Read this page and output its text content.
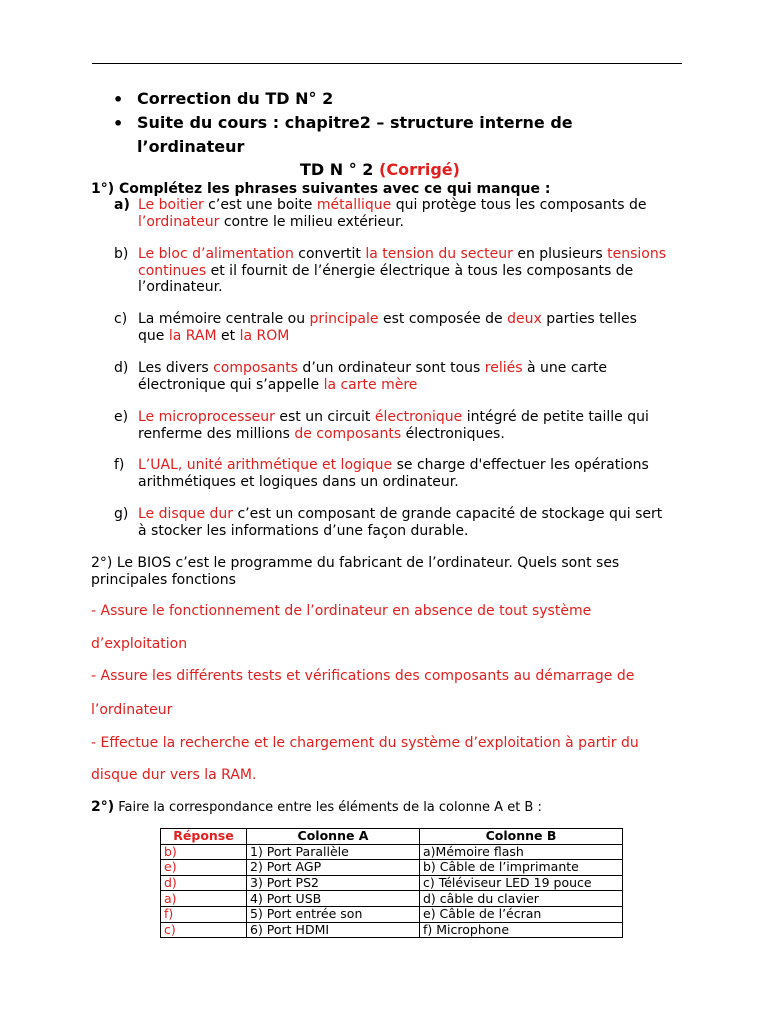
• Correction du TD N° 2
• Suite du cours : chapitre2 – structure interne de
l’ordinateur
TD N ° 2 (Corrigé)
1°) Complétez les phrases suivantes avec ce qui manque :
a) Le boitier c’est une boite métallique qui protège tous les composants de
l’ordinateur contre le milieu extérieur.
b) Le bloc d’alimentation convertit la tension du secteur en plusieurs tensions
continues et il fournit de l’énergie électrique à tous les composants de
l’ordinateur.
c) La mémoire centrale ou principale est composée de deux parties telles
que la RAM et la ROM
d) Les divers composants d’un ordinateur sont tous reliés à une carte
électronique qui s’appelle la carte mère
e) Le microprocesseur est un circuit électronique intégré de petite taille qui
renferme des millions de composants électroniques.
f) L’UAL, unité arithmétique et logique se charge d'effectuer les opérations
arithmétiques et logiques dans un ordinateur.
g) Le disque dur c’est un composant de grande capacité de stockage qui sert
à stocker les informations d’une façon durable.
2°) Le BIOS c’est le programme du fabricant de l’ordinateur. Quels sont ses
principales fonctions
- Assure le fonctionnement de l’ordinateur en absence de tout système
d’exploitation
- Assure les différents tests et vérifications des composants au démarrage de
l’ordinateur
- Effectue la recherche et le chargement du système d’exploitation à partir du
disque dur vers la RAM.
2°) Faire la correspondance entre les éléments de la colonne A et B :
Réponse	Colonne A	Colonne B
b)	1) Port Parallèle	a)Mémoire flash
e)	2) Port AGP	b) Câble de l’imprimante
d)	3) Port PS2	c) Téléviseur LED 19 pouce
a)	4) Port USB	d) câble du clavier
f)	5) Port entrée son	e) Câble de l’écran
c)	6) Port HDMI	f) Microphone
